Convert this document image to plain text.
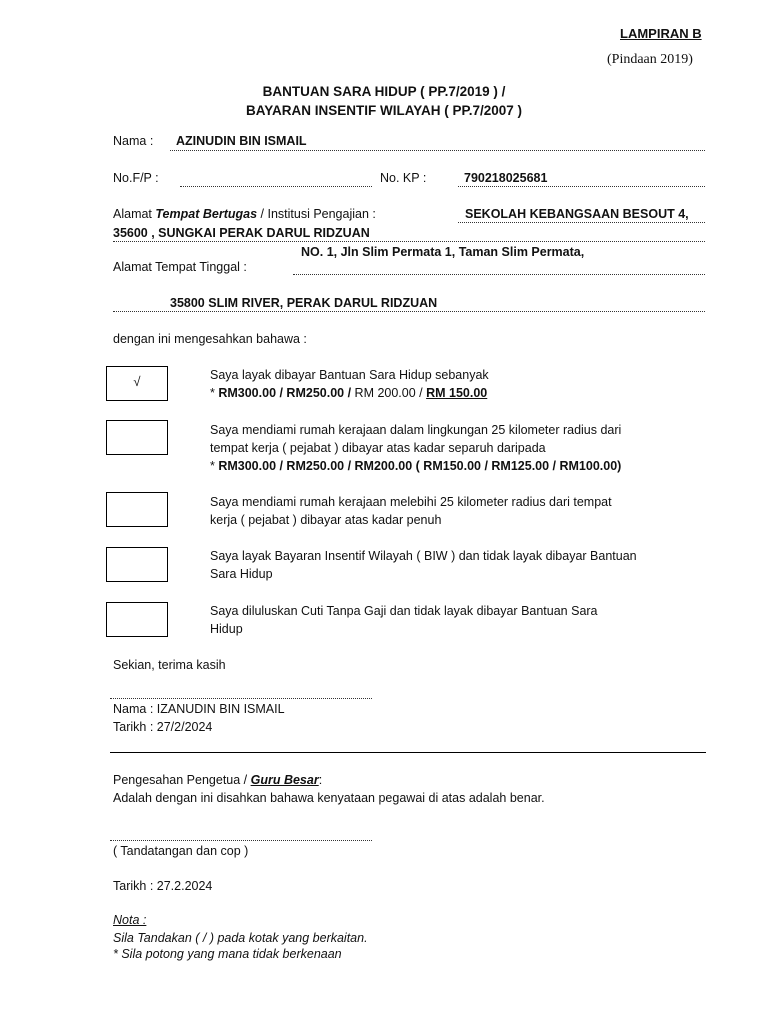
LAMPIRAN B
(Pindaan 2019)
BANTUAN SARA HIDUP ( PP.7/2019 ) /
BAYARAN INSENTIF WILAYAH ( PP.7/2007 )
Nama : AZINUDIN BIN ISMAIL
No.F/P :	No. KP :	790218025681
Alamat Tempat Bertugas / Institusi Pengajian :	SEKOLAH KEBANGSAAN BESOUT 4,
35600 , SUNGKAI PERAK DARUL RIDZUAN
NO. 1, Jln Slim Permata 1, Taman Slim Permata,
Alamat Tempat Tinggal :
35800 SLIM RIVER, PERAK DARUL RIDZUAN
dengan ini mengesahkan bahawa :
√	Saya layak dibayar Bantuan Sara Hidup sebanyak
* RM300.00 / RM250.00 / RM 200.00 / RM 150.00
Saya mendiami rumah kerajaan dalam lingkungan 25 kilometer radius dari
tempat kerja ( pejabat ) dibayar atas kadar separuh daripada
* RM300.00 / RM250.00 / RM200.00 ( RM150.00 / RM125.00 / RM100.00)
Saya mendiami rumah kerajaan melebihi 25 kilometer radius dari tempat
kerja ( pejabat ) dibayar atas kadar penuh
Saya layak Bayaran Insentif Wilayah ( BIW ) dan tidak layak dibayar Bantuan
Sara Hidup
Saya diluluskan Cuti Tanpa Gaji dan tidak layak dibayar Bantuan Sara
Hidup
Sekian, terima kasih
Nama : IZANUDIN BIN ISMAIL
Tarikh : 27/2/2024
Pengesahan Pengetua / Guru Besar:
Adalah dengan ini disahkan bahawa kenyataan pegawai di atas adalah benar.
( Tandatangan dan cop )
Tarikh : 27.2.2024
Nota :
Sila Tandakan ( / ) pada kotak yang berkaitan.
* Sila potong yang mana tidak berkenaan
